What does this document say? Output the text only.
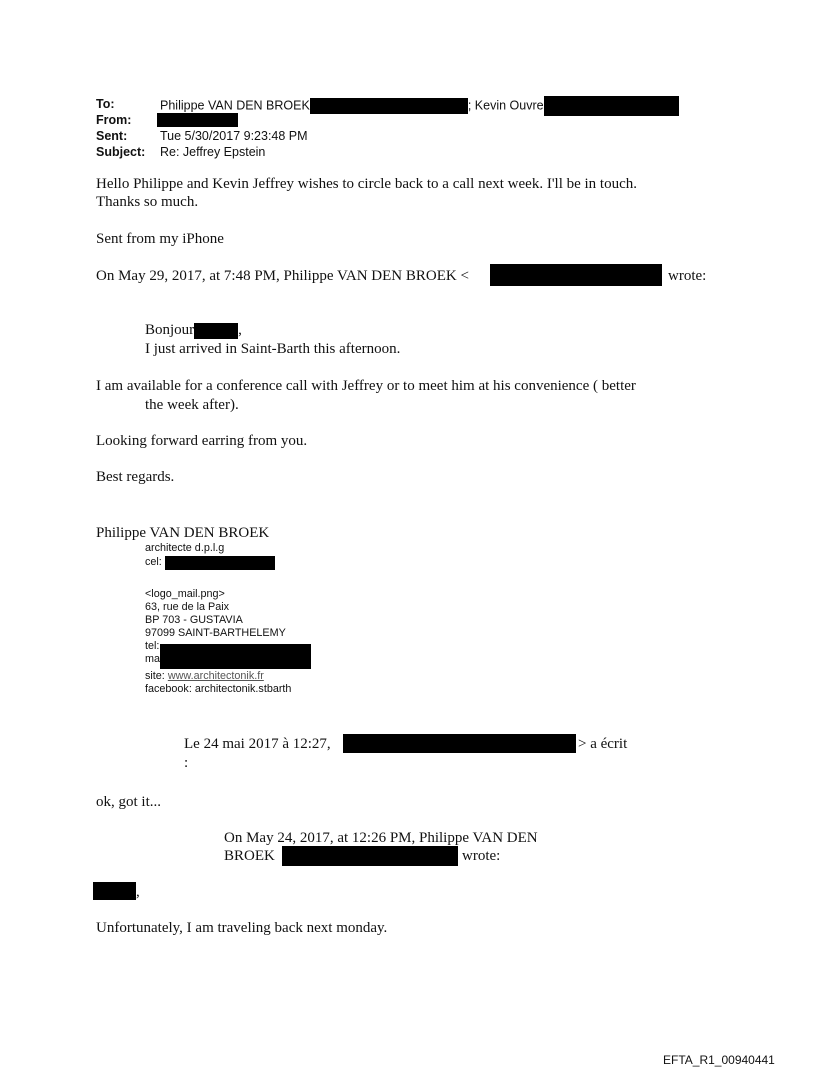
To:	Philippe VAN DEN BROEK	; Kevin Ouvre
From:
Sent:	Tue 5/30/2017 9:23:48 PM
Subject: Re: Jeffrey Epstein
Hello Philippe and Kevin Jeffrey wishes to circle back to a call next week. I'll be in touch.
Thanks so much.
Sent from my iPhone
On May 29, 2017, at 7:48 PM, Philippe VAN DEN BROEK <	wrote:
Bonjour	,
I just arrived in Saint-Barth this afternoon.
I am available for a conference call with Jeffrey or to meet him at his convenience ( better
the week after).
Looking forward earring from you.
Best regards.
Philippe VAN DEN BROEK
architecte d.p.l.g
cel:
<logo_mail.png>
63, rue de la Paix
BP 703 - GUSTAVIA
97099 SAINT-BARTHELEMY
tel:
ma
site: www.architectonik.fr
facebook: architectonik.stbarth
Le 24 mai 2017 à 12:27,	> a écrit
:
ok, got it...
On May 24, 2017, at 12:26 PM, Philippe VAN DEN
BROEK	wrote:
,
Unfortunately, I am traveling back next monday.
EFTA_R1_00940441
